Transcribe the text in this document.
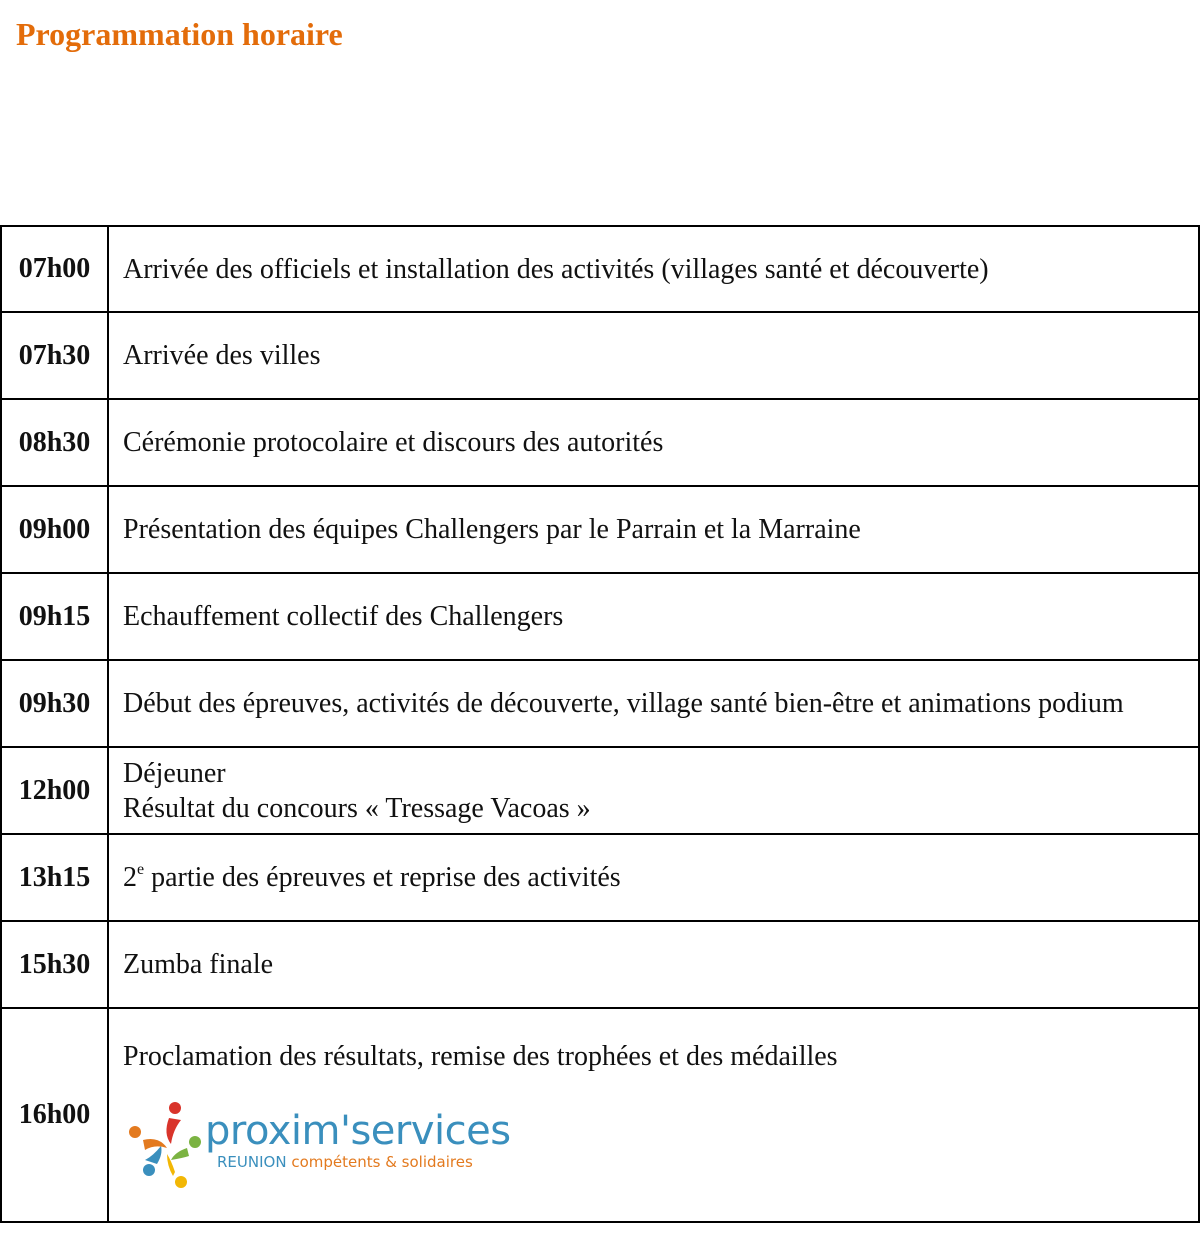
Programmation horaire
07h00	Arrivée des officiels et installation des activités (villages santé et découverte)

07h30	Arrivée des villes

08h30	Cérémonie protocolaire et discours des autorités

09h00	Présentation des équipes Challengers par le Parrain et la Marraine

09h15	Echauffement collectif des Challengers

09h30	Début des épreuves, activités de découverte, village santé bien-être et animations podium
12h00	Déjeuner
Résultat du concours « Tressage Vacoas »

13h15	2e partie des épreuves et reprise des activités

15h30	Zumba finale

16h00	Proclamation des résultats, remise des trophées et des médailles
proxim'services
REUNION compétents & solidaires
